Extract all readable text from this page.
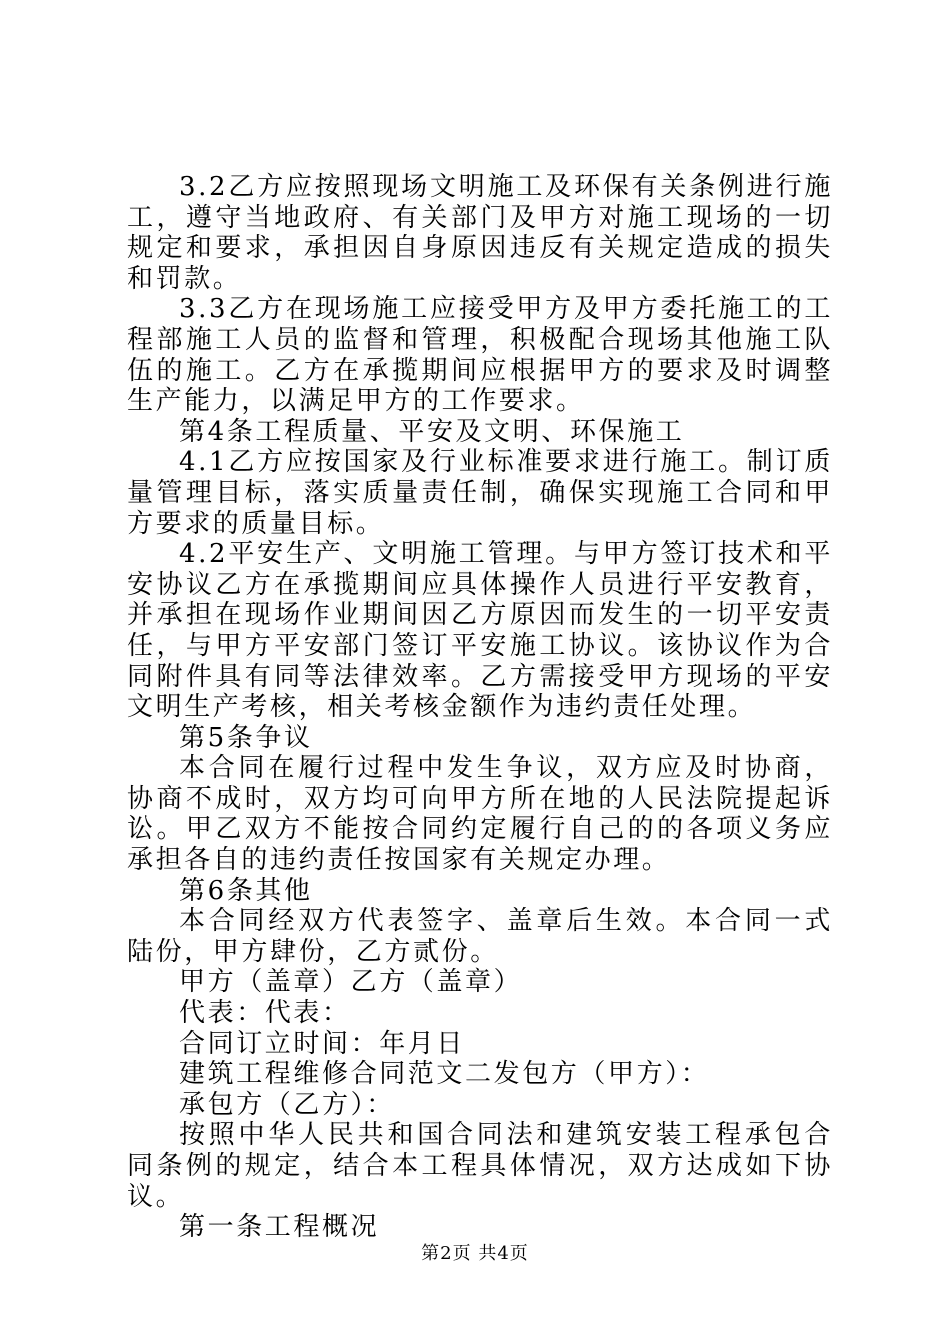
3.2乙方应按照现场文明施工及环保有关条例进行施工，遵守当地政府、有关部门及甲方对施工现场的一切规定和要求，承担因自身原因违反有关规定造成的损失和罚款。

3.3乙方在现场施工应接受甲方及甲方委托施工的工程部施工人员的监督和管理，积极配合现场其他施工队伍的施工。乙方在承揽期间应根据甲方的要求及时调整生产能力，以满足甲方的工作要求。

第4条工程质量、平安及文明、环保施工

4.1乙方应按国家及行业标准要求进行施工。制订质量管理目标，落实质量责任制，确保实现施工合同和甲方要求的质量目标。

4.2平安生产、文明施工管理。与甲方签订技术和平安协议乙方在承揽期间应具体操作人员进行平安教育，并承担在现场作业期间因乙方原因而发生的一切平安责任，与甲方平安部门签订平安施工协议。该协议作为合同附件具有同等法律效率。乙方需接受甲方现场的平安文明生产考核，相关考核金额作为违约责任处理。

第5条争议

本合同在履行过程中发生争议，双方应及时协商，协商不成时，双方均可向甲方所在地的人民法院提起诉讼。甲乙双方不能按合同约定履行自己的的各项义务应承担各自的违约责任按国家有关规定办理。

第6条其他

本合同经双方代表签字、盖章后生效。本合同一式陆份，甲方肆份，乙方贰份。

甲方（盖章）乙方（盖章）

代表：代表：

合同订立时间：年月日

建筑工程维修合同范文二发包方（甲方）：

承包方（乙方）：

按照中华人民共和国合同法和建筑安装工程承包合同条例的规定，结合本工程具体情况，双方达成如下协议。

第一条工程概况

第2页 共4页
